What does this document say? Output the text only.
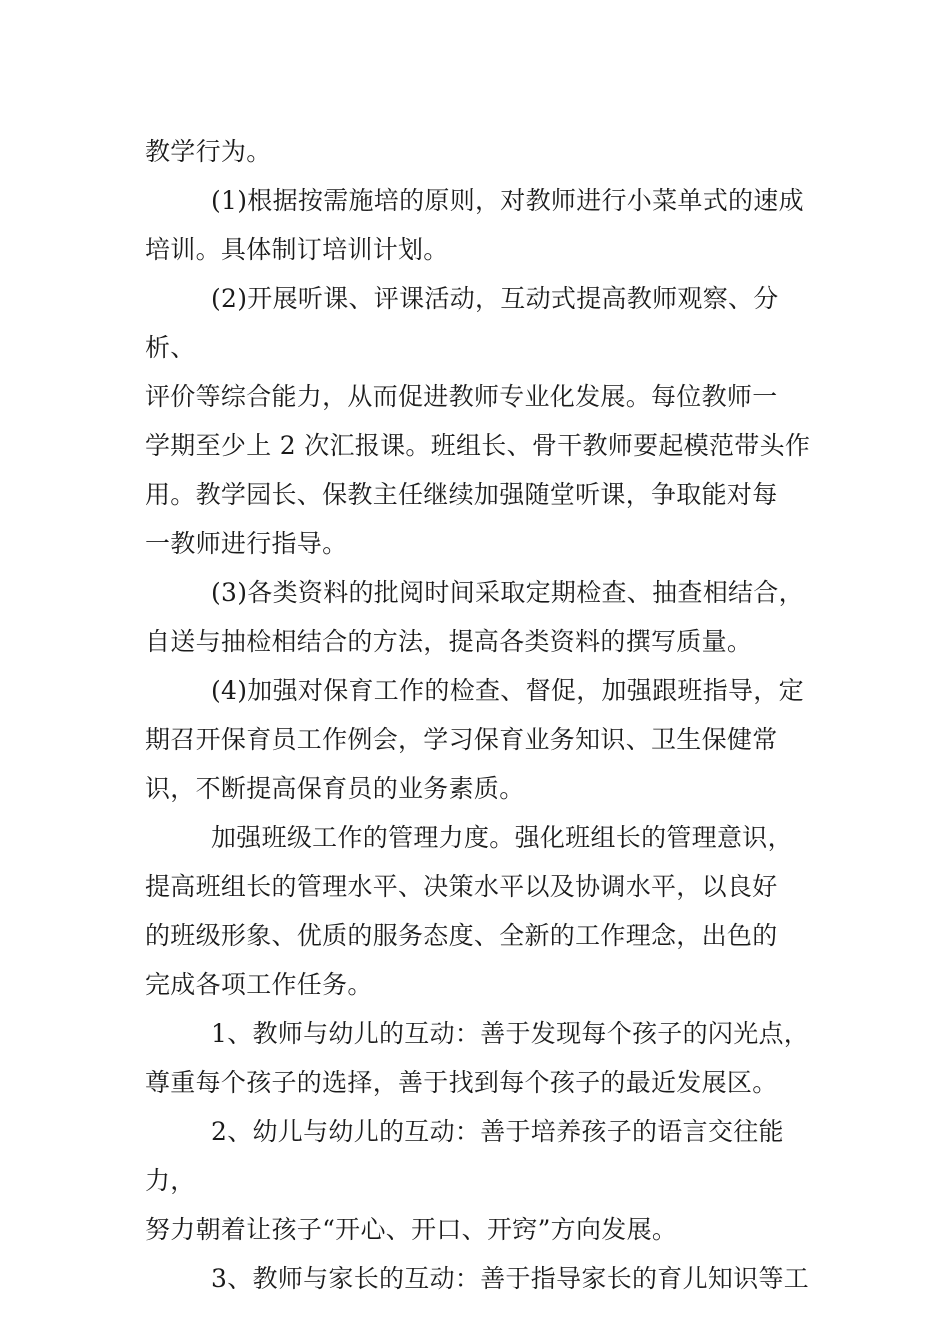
教学行为。

(1)根据按需施培的原则，对教师进行小菜单式的速成
培训。具体制订培训计划。

(2)开展听课、评课活动，互动式提高教师观察、分析、
评价等综合能力，从而促进教师专业化发展。每位教师一
学期至少上 2 次汇报课。班组长、骨干教师要起模范带头作
用。教学园长、保教主任继续加强随堂听课，争取能对每
一教师进行指导。

(3)各类资料的批阅时间采取定期检查、抽查相结合，
自送与抽检相结合的方法，提高各类资料的撰写质量。

(4)加强对保育工作的检查、督促，加强跟班指导，定
期召开保育员工作例会，学习保育业务知识、卫生保健常
识，不断提高保育员的业务素质。

加强班级工作的管理力度。强化班组长的管理意识，
提高班组长的管理水平、决策水平以及协调水平，以良好
的班级形象、优质的服务态度、全新的工作理念，出色的
完成各项工作任务。

1、教师与幼儿的互动：善于发现每个孩子的闪光点，
尊重每个孩子的选择，善于找到每个孩子的最近发展区。

2、幼儿与幼儿的互动：善于培养孩子的语言交往能力，
努力朝着让孩子“开心、开口、开窍”方向发展。

3、教师与家长的互动：善于指导家长的育儿知识等工
